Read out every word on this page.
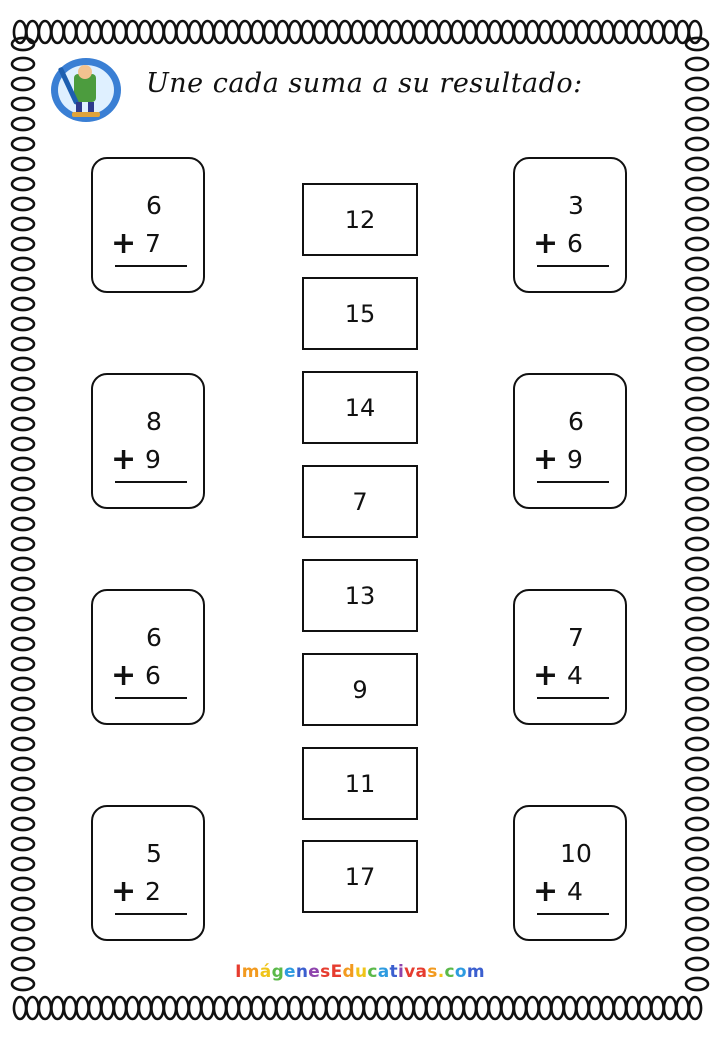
Une cada suma a su resultado:
6
+ 7
8
+ 9
6
+ 6
5
+ 2
3
+ 6
6
+ 9
7
+ 4
10
+ 4
12
15
14
7
13
9
11
17
ImágenesEducativas.com
